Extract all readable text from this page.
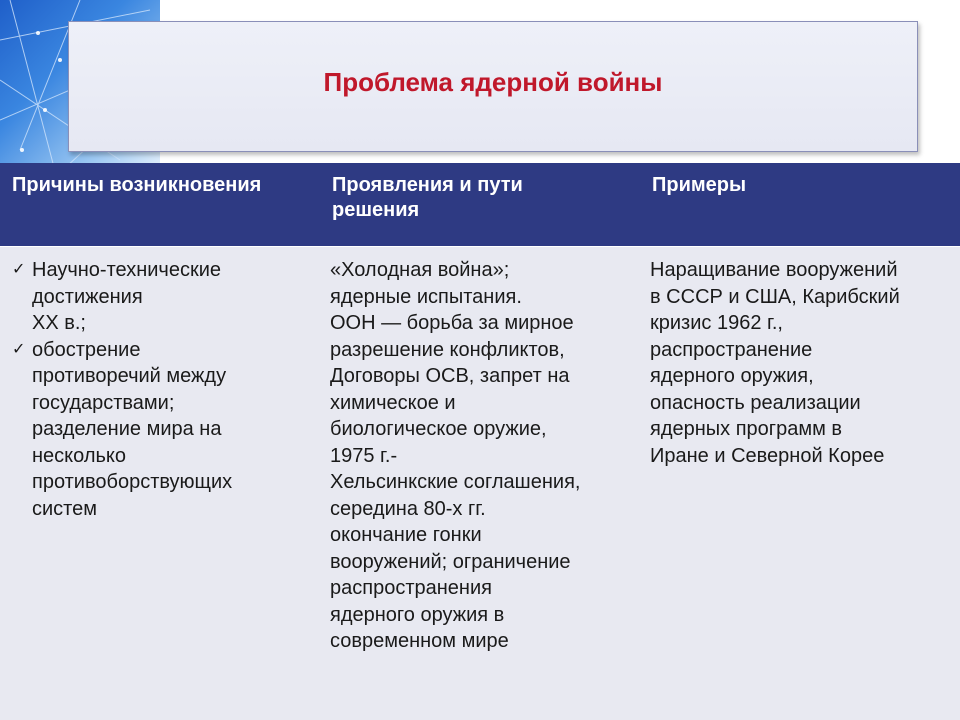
Проблема ядерной войны
Причины возникновения	Проявления и пути
решения
Примеры
✓ Научно-технические
достижения
XX в.;
✓ обострение
противоречий между
государствами;
разделение мира на
несколько
противоборствующих
систем
«Холодная война»;
ядерные испытания.
ООН — борьба за мирное
разрешение конфликтов,
Договоры ОСВ, запрет на
химическое и
биологическое оружие,
1975 г.-
Хельсинкские соглашения,
середина 80-х гг.
окончание гонки
вооружений; ограничение
распространения
ядерного оружия в
современном мире
Наращивание вооружений
в СССР и США, Карибский
кризис 1962 г.,
распространение
ядерного оружия,
опасность реализации
ядерных программ в
Иране и Северной Корее
